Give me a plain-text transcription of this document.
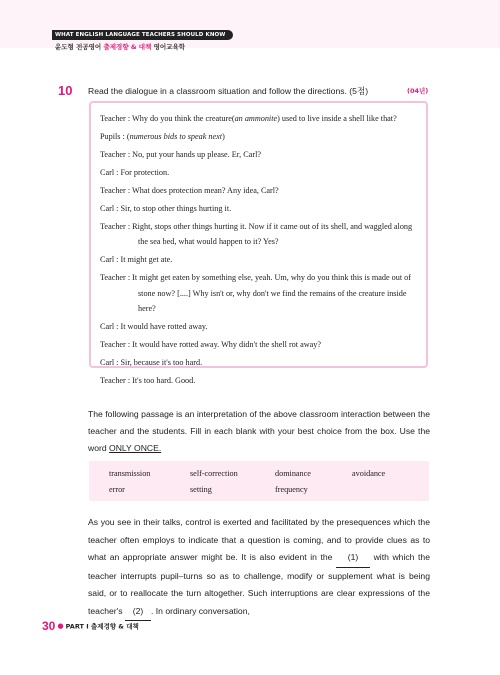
WHAT ENGLISH LANGUAGE TEACHERS SHOULD KNOW
윤도형 전공영어 출제경향 & 대책 영어교육학
10 Read the dialogue in a classroom situation and follow the directions. (5점)	(04년)
Teacher : Why do you think the creature(an ammonite) used to live inside a shell like that?
Pupils : (numerous bids to speak next)
Teacher : No, put your hands up please. Er, Carl?
Carl : For protection.
Teacher : What does protection mean? Any idea, Carl?
Carl : Sir, to stop other things hurting it.
Teacher : Right, stops other things hurting it. Now if it came out of its shell, and waggled along the sea bed, what would happen to it? Yes?
Carl : It might get ate.
Teacher : It might get eaten by something else, yeah. Um, why do you think this is made out of stone now? [....] Why isn't or, why don't we find the remains of the creature inside here?
Carl : It would have rotted away.
Teacher : It would have rotted away. Why didn't the shell rot away?
Carl : Sir, because it's too hard.
Teacher : It's too hard. Good.

The following passage is an interpretation of the above classroom interaction between the teacher and the students. Fill in each blank with your best choice from the box. Use the word ONLY ONCE.

transmission	self-correction	dominance	avoidance
error	setting	frequency

As you see in their talks, control is exerted and facilitated by the presequences which the teacher often employs to indicate that a question is coming, and to provide clues as to what an appropriate answer might be. It is also evident in the (1) with which the teacher interrupts pupil–turns so as to challenge, modify or supplement what is being said, or to reallocate the turn altogether. Such interruptions are clear expressions of the teacher's (2) . In ordinary conversation,

30 ● PART Ⅰ 출제경향 & 대책
